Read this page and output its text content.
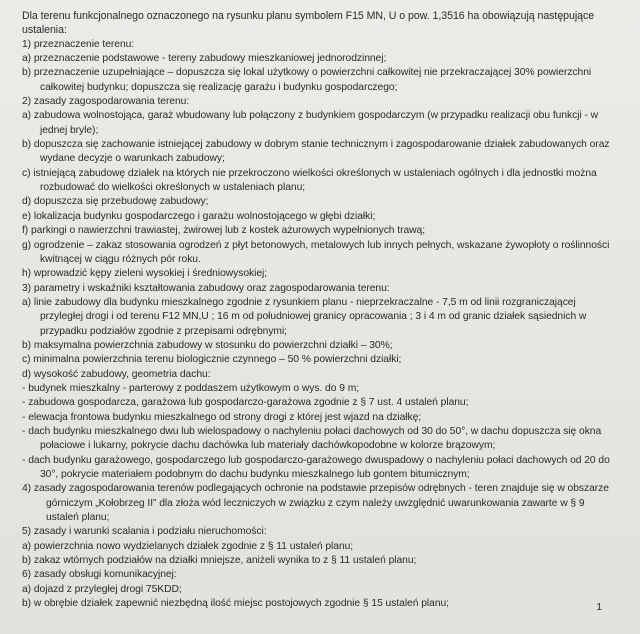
Dla terenu funkcjonalnego oznaczonego na rysunku planu symbolem F15 MN, U o pow. 1,3516 ha obowiązują następujące
ustalenia:
1) przeznaczenie terenu:
a) przeznaczenie podstawowe - tereny zabudowy mieszkaniowej jednorodzinnej;
b) przeznaczenie uzupełniające – dopuszcza się lokal użytkowy o powierzchni całkowitej nie przekraczającej 30% powierzchni
całkowitej budynku; dopuszcza się realizację garażu i budynku gospodarczego;
2) zasady zagospodarowania terenu:
a) zabudowa wolnostojąca, garaż wbudowany lub połączony z budynkiem gospodarczym (w przypadku realizacji obu funkcji - w
jednej bryle);
b) dopuszcza się zachowanie istniejącej zabudowy w dobrym stanie technicznym i zagospodarowanie działek zabudowanych oraz
wydane decyzje o warunkach zabudowy;
c) istniejącą zabudowę działek na których nie przekroczono wielkości określonych w ustaleniach ogólnych i dla jednostki można
rozbudować do wielkości określonych w ustaleniach planu;
d) dopuszcza się przebudowę zabudowy;
e) lokalizacja budynku gospodarczego i garażu wolnostojącego w głębi działki;
f) parkingi o nawierzchni trawiastej, żwirowej lub z kostek ażurowych wypełnionych trawą;
g) ogrodzenie – zakaz stosowania ogrodzeń z płyt betonowych, metalowych lub innych pełnych, wskazane żywopłoty o roślinności
kwitnącej w ciągu różnych pór roku.
h) wprowadzić kępy zieleni wysokiej i średniowysokiej;
3) parametry i wskaźniki kształtowania zabudowy oraz zagospodarowania terenu:
a) linie zabudowy dla budynku mieszkalnego zgodnie z rysunkiem planu - nieprzekraczalne - 7,5 m od linii rozgraniczającej
przyległej drogi i od terenu F12 MN,U ; 16 m od południowej granicy opracowania ; 3 i 4 m od granic działek sąsiednich w
przypadku podziałów zgodnie z przepisami odrębnymi;
b) maksymalna powierzchnia zabudowy w stosunku do powierzchni działki – 30%;
c) minimalna powierzchnia terenu biologicznie czynnego – 50 % powierzchni działki;
d) wysokość zabudowy, geometria dachu:
- budynek mieszkalny - parterowy z poddaszem użytkowym o wys. do 9 m;
- zabudowa gospodarcza, garażowa lub gospodarczo-garażowa zgodnie z § 7 ust. 4 ustaleń planu;
- elewacja frontowa budynku mieszkalnego od strony drogi z której jest wjazd na działkę;
- dach budynku mieszkalnego dwu lub wielospadowy o nachyleniu połaci dachowych od 30 do 50°, w dachu dopuszcza się okna
połaciowe i lukarny, pokrycie dachu dachówka lub materiały dachówkopodobne w kolorze brązowym;
- dach budynku garażowego, gospodarczego lub gospodarczo-garażowego dwuspadowy o nachyleniu połaci dachowych od 20 do
30°, pokrycie materiałem podobnym do dachu budynku mieszkalnego lub gontem bitumicznym;
4) zasady zagospodarowania terenów podlegających ochronie na podstawie przepisów odrębnych - teren znajduje się w obszarze
górniczym „Kołobrzeg II” dla złoża wód leczniczych w związku z czym należy uwzględnić uwarunkowania zawarte w § 9
ustaleń planu;
5) zasady i warunki scalania i podziału nieruchomości:
a) powierzchnia nowo wydzielanych działek zgodnie z § 11 ustaleń planu;
b) zakaz wtórnych podziałów na działki mniejsze, aniżeli wynika to z § 11 ustaleń planu;
6) zasady obsługi komunikacyjnej:
a) dojazd z przyległej drogi 75KDD;
b) w obrębie działek zapewnić niezbędną ilość miejsc postojowych zgodnie § 15 ustaleń planu;	1
